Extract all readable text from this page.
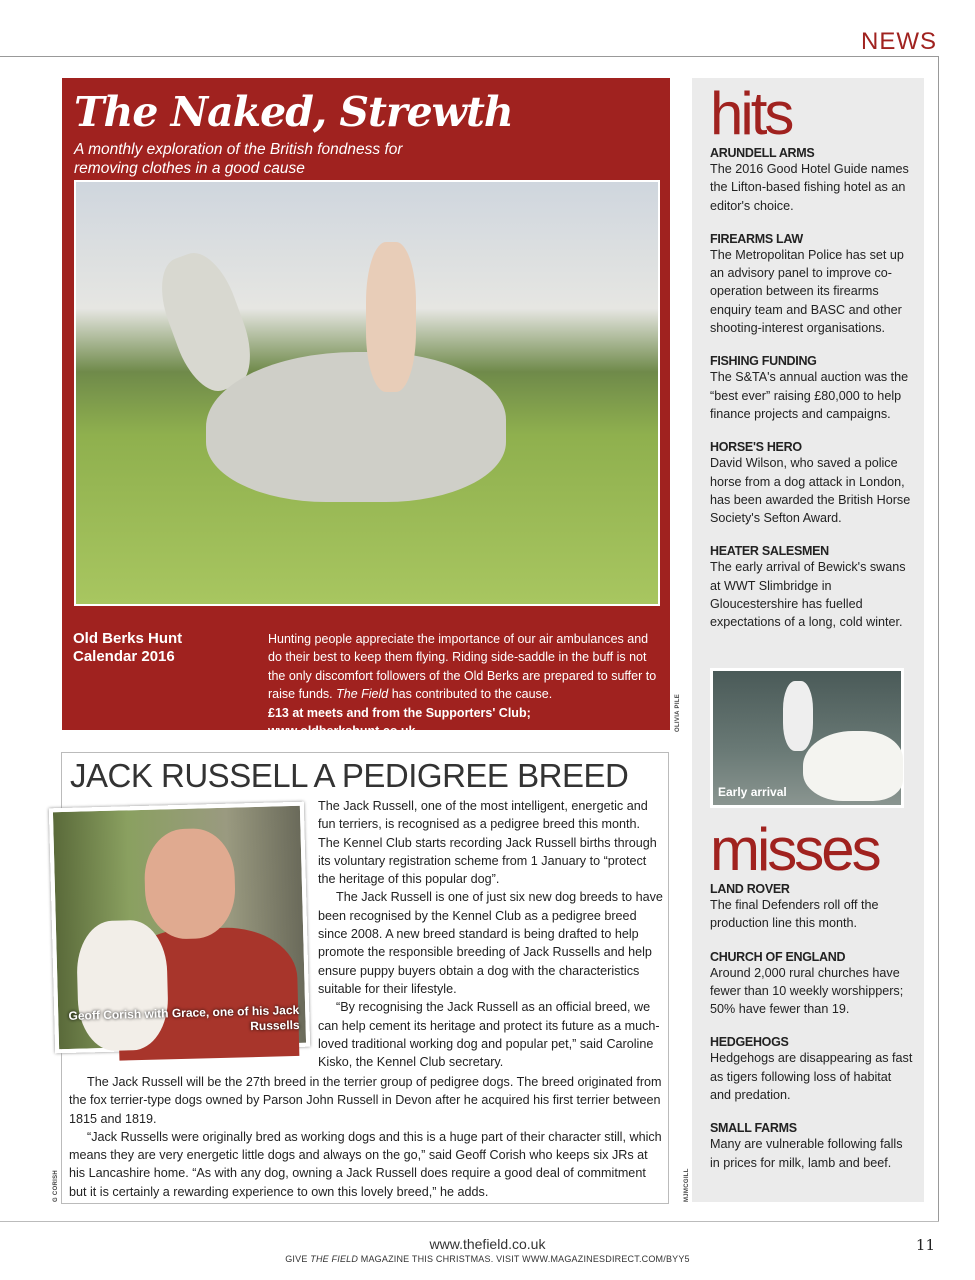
NEWS
The Naked, Strewth
A monthly exploration of the British fondness for removing clothes in a good cause
Old Berks Hunt Calendar 2016
Hunting people appreciate the importance of our air ambulances and do their best to keep them flying. Riding side-saddle in the buff is not the only discomfort followers of the Old Berks are prepared to suffer to raise funds. The Field has contributed to the cause.
£13 at meets and from the Supporters' Club; www.oldberkshunt.co.uk.	OLIVIA PILE
JACK RUSSELL A PEDIGREE BREED
Geoff Corish with Grace, one of his Jack Russells

The Jack Russell, one of the most intelligent, energetic and fun terriers, is recognised as a pedigree breed this month. The Kennel Club starts recording Jack Russell births through its voluntary registration scheme from 1 January to “protect the heritage of this popular dog”.

The Jack Russell is one of just six new dog breeds to have been recognised by the Kennel Club as a pedigree breed since 2008. A new breed standard is being drafted to help promote the responsible breeding of Jack Russells and help ensure puppy buyers obtain a dog with the characteristics suitable for their lifestyle.

“By recognising the Jack Russell as an official breed, we can help cement its heritage and protect its future as a much-loved traditional working dog and popular pet,” said Caroline Kisko, the Kennel Club secretary.

The Jack Russell will be the 27th breed in the terrier group of pedigree dogs. The breed originated from the fox terrier-type dogs owned by Parson John Russell in Devon after he acquired his first terrier between 1815 and 1819.

“Jack Russells were originally bred as working dogs and this is a huge part of their character still, which means they are very energetic little dogs and always on the go,” said Geoff Corish who keeps six JRs at his Lancashire home. “As with any dog, owning a Jack Russell does require a good deal of commitment but it is certainly a rewarding experience to own this lovely breed,” he adds.

G CORISH
hits
ARUNDELL ARMS
The 2016 Good Hotel Guide names the Lifton-based fishing hotel as an editor's choice.
FIREARMS LAW
The Metropolitan Police has set up an advisory panel to improve co-operation between its firearms enquiry team and BASC and other shooting-interest organisations.
FISHING FUNDING
The S&TA's annual auction was the “best ever” raising £80,000 to help finance projects and campaigns.
HORSE'S HERO
David Wilson, who saved a police horse from a dog attack in London, has been awarded the British Horse Society's Sefton Award.
HEATER SALESMEN
The early arrival of Bewick's swans at WWT Slimbridge in Gloucestershire has fuelled expectations of a long, cold winter.
Early arrival
misses
LAND ROVER
The final Defenders roll off the production line this month.
CHURCH OF ENGLAND
Around 2,000 rural churches have fewer than 10 weekly worshippers; 50% have fewer than 19.
HEDGEHOGS
Hedgehogs are disappearing as fast as tigers following loss of habitat and predation.
SMALL FARMS
Many are vulnerable following falls in prices for milk, lamb and beef.
MJMCGILL
www.thefield.co.uk
GIVE THE FIELD MAGAZINE THIS CHRISTMAS. VISIT WWW.MAGAZINESDIRECT.COM/BYY5
11
